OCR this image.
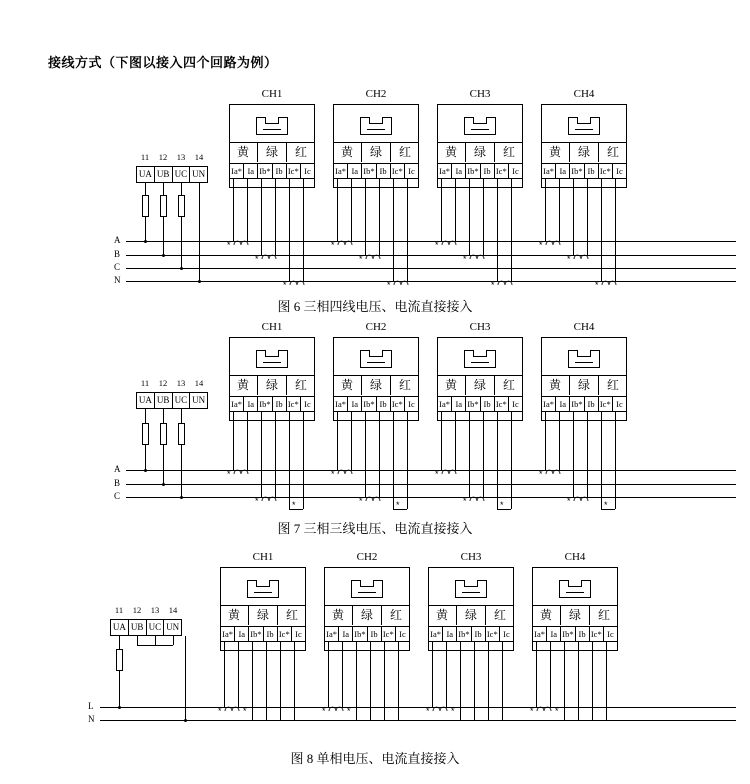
接线方式（下图以接入四个回路为例）
CH1	CH2	CH3	CH4
黄	绿	红
Ia* Ia Ib* Ib Ic* Ic
黄	绿	红
Ia* Ia Ib* Ib Ic* Ic
黄	绿	红
Ia* Ia Ib* Ib Ic* Ic
黄	绿	红
Ia* Ia Ib* Ib Ic* Ic
11	12	13	14
UA UB UC UN
A
B
C
N
*
*
*
*
*
*
*
*
*
*
*
*
图 6 三相四线电压、电流直接接入
CH1	CH2	CH3	CH4
黄	绿	红
Ia* Ia Ib* Ib Ic* Ic
黄	绿	红
Ia* Ia Ib* Ib Ic* Ic
黄	绿	红
Ia* Ia Ib* Ib Ic* Ic
黄	绿	红
Ia* Ia Ib* Ib Ic* Ic
11	12	13	14
UA UB UC UN
A
B
C
*
*	*
*
*	*
*
*	*
*
*	*
图 7 三相三线电压、电流直接接入
CH1	CH2	CH3	CH4
黄	绿	红
Ia* Ia Ib* Ib Ic* Ic
黄	绿	红
Ia* Ia Ib* Ib Ic* Ic
黄	绿	红
Ia* Ia Ib* Ib Ic* Ic
黄	绿	红
Ia* Ia Ib* Ib Ic* Ic
11	12	13	14
UA UB UC UN
L
N
* *	* *	* *	* *
图 8 单相电压、电流直接接入
